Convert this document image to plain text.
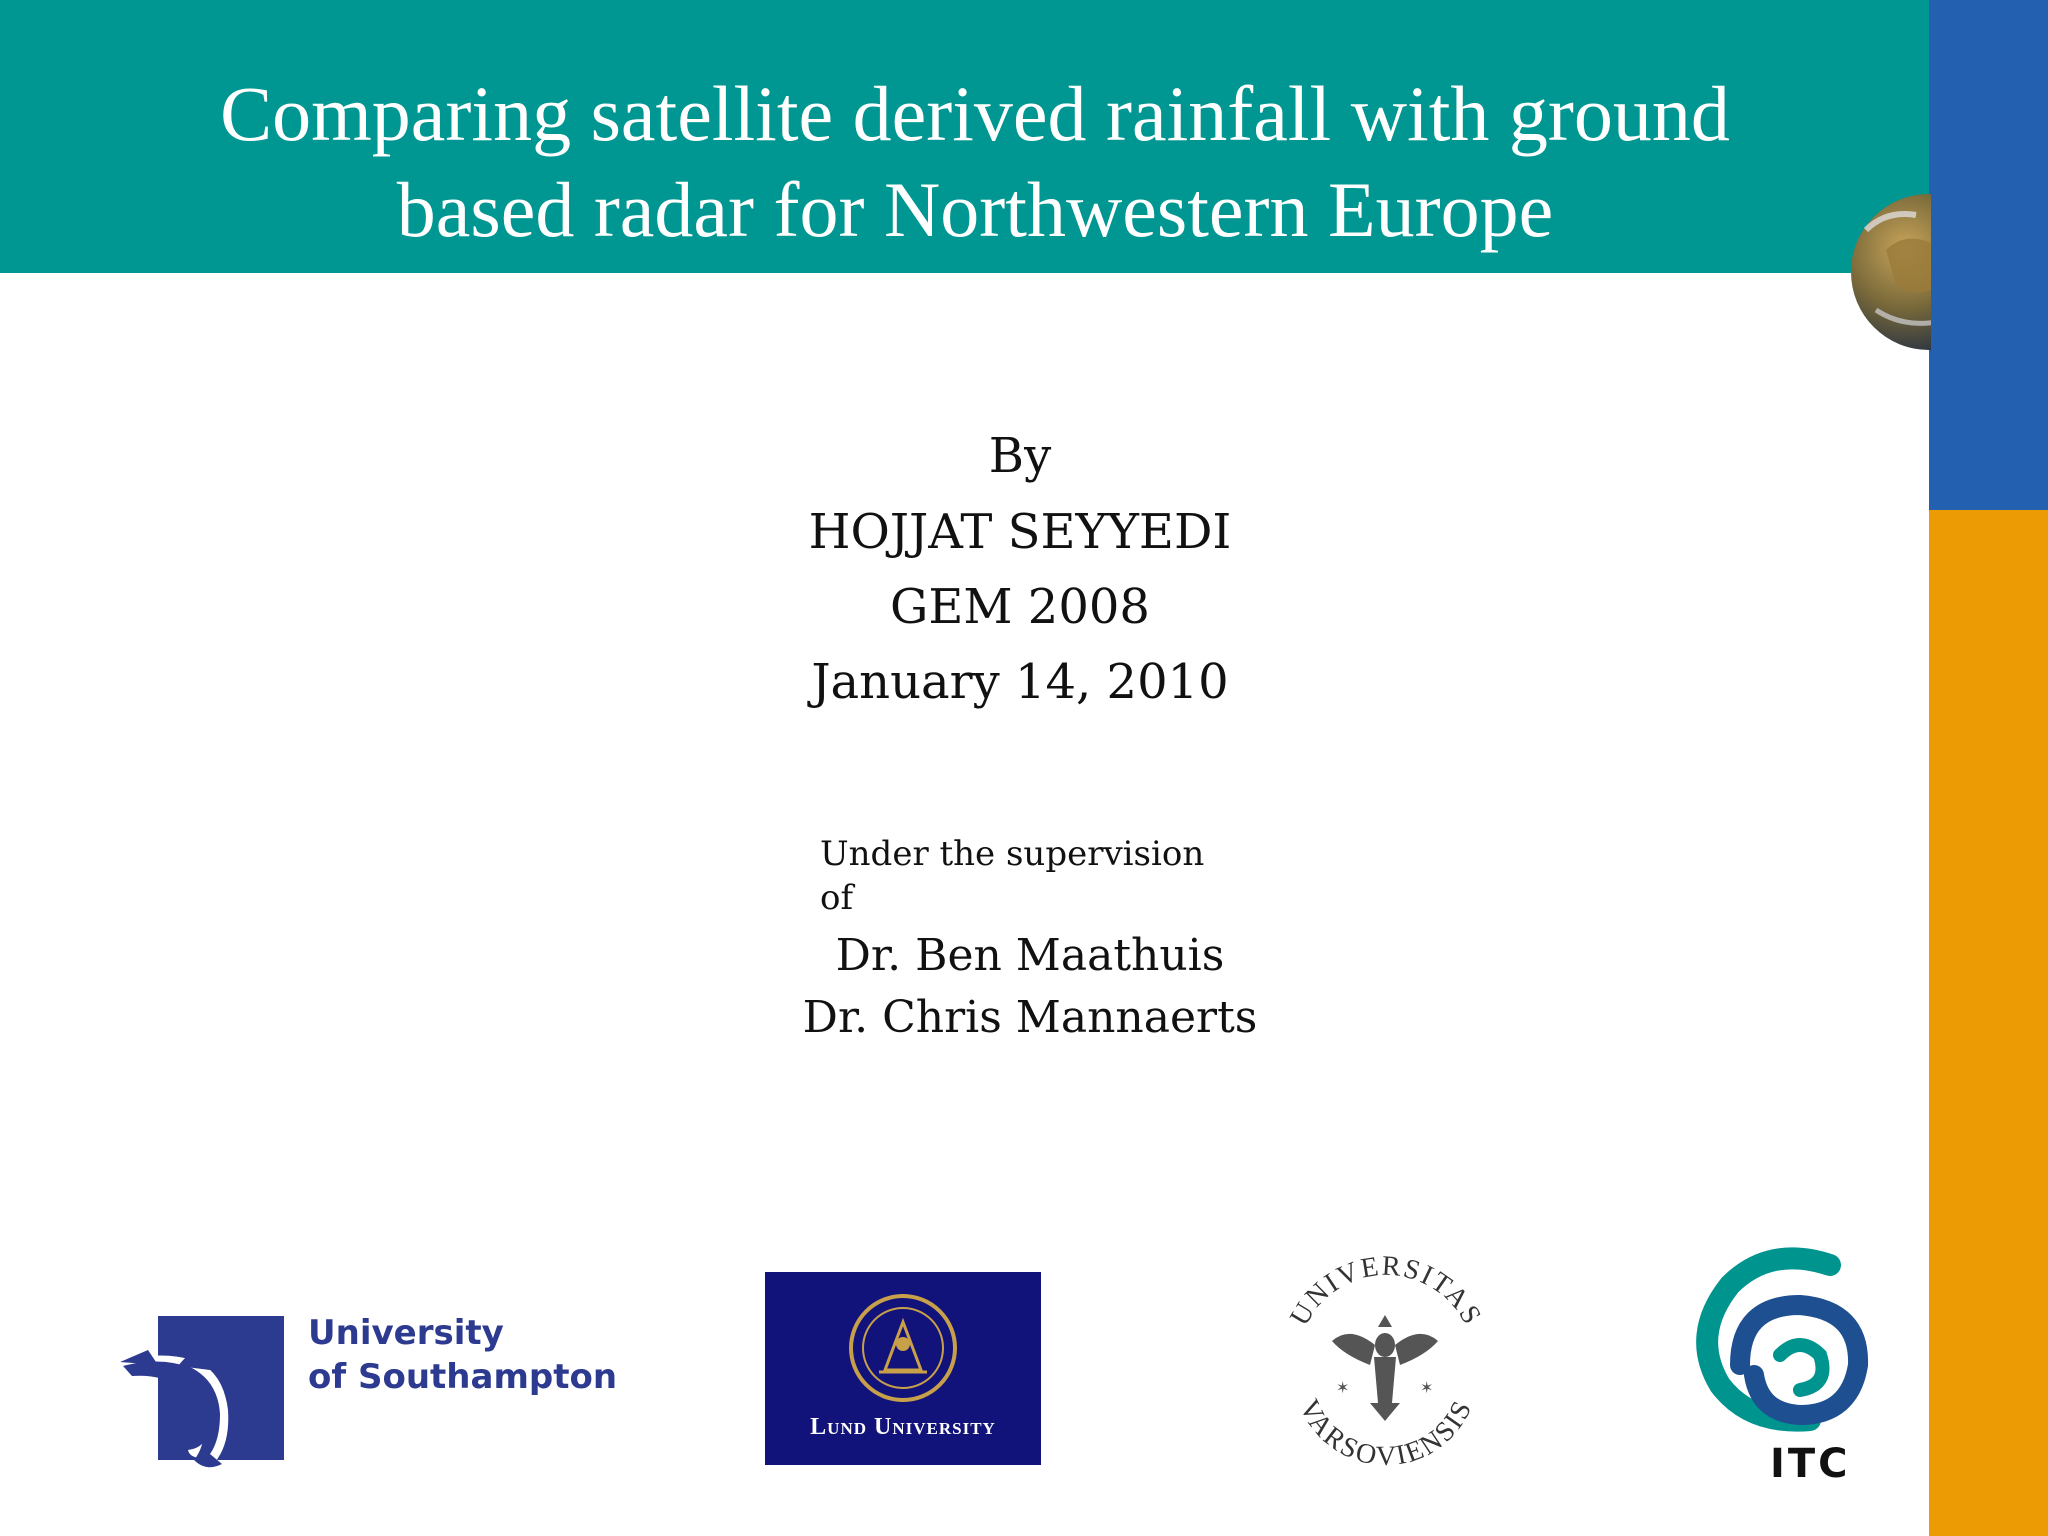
Comparing satellite derived rainfall with ground
based radar for Northwestern Europe
By
HOJJAT SEYYEDI
GEM 2008
January 14, 2010
Under the supervision of
Dr. Ben Maathuis
Dr. Chris Mannaerts
University
of Southampton
Lund University
UNIVERSITAS
VARSOVIENSIS
✶	✶
ITC
